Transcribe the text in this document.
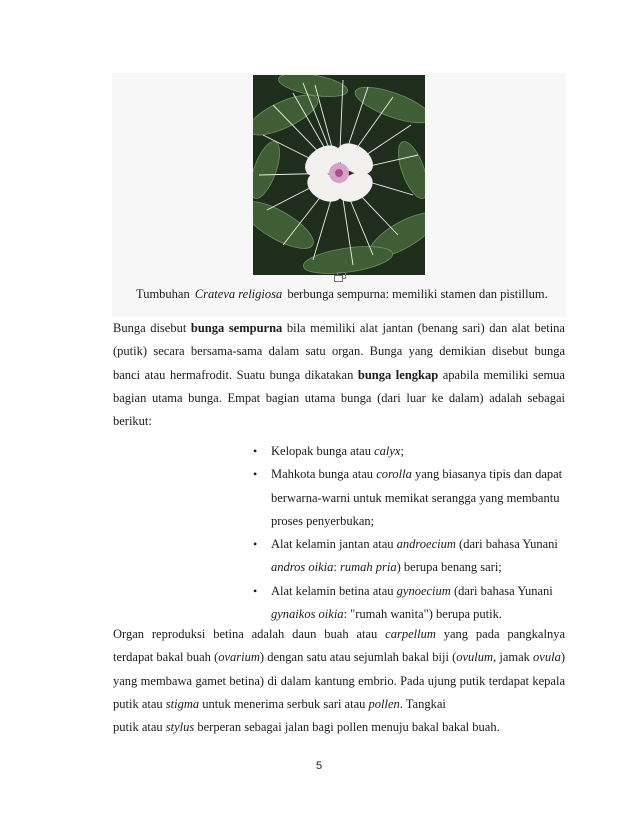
Tumbuhan Crateva religiosa berbunga sempurna: memiliki stamen dan pistillum.

Bunga disebut bunga sempurna bila memiliki alat jantan (benang sari) dan alat betina

(putik) secara bersama-sama dalam satu organ. Bunga yang demikian disebut bunga

banci atau hermafrodit. Suatu bunga dikatakan bunga lengkap apabila memiliki semua

bagian utama bunga. Empat bagian utama bunga (dari luar ke dalam) adalah sebagai

berikut:

• Kelopak bunga atau calyx;
• Mahkota bunga atau corolla yang biasanya tipis dan dapat berwarna-warni untuk memikat serangga yang membantu proses penyerbukan;
• Alat kelamin jantan atau androecium (dari bahasa Yunani andros oikia: rumah pria) berupa benang sari;
• Alat kelamin betina atau gynoecium (dari bahasa Yunani gynaikos oikia: "rumah wanita") berupa putik.

Organ reproduksi betina adalah daun buah atau carpellum yang pada pangkalnya

terdapat bakal buah (ovarium) dengan satu atau sejumlah bakal biji (ovulum, jamak ovula)

yang membawa gamet betina) di dalam kantung embrio. Pada ujung putik terdapat kepala

putik atau stigma untuk menerima serbuk sari atau pollen. Tangkai

putik atau stylus berperan sebagai jalan bagi pollen menuju bakal bakal buah.

5
